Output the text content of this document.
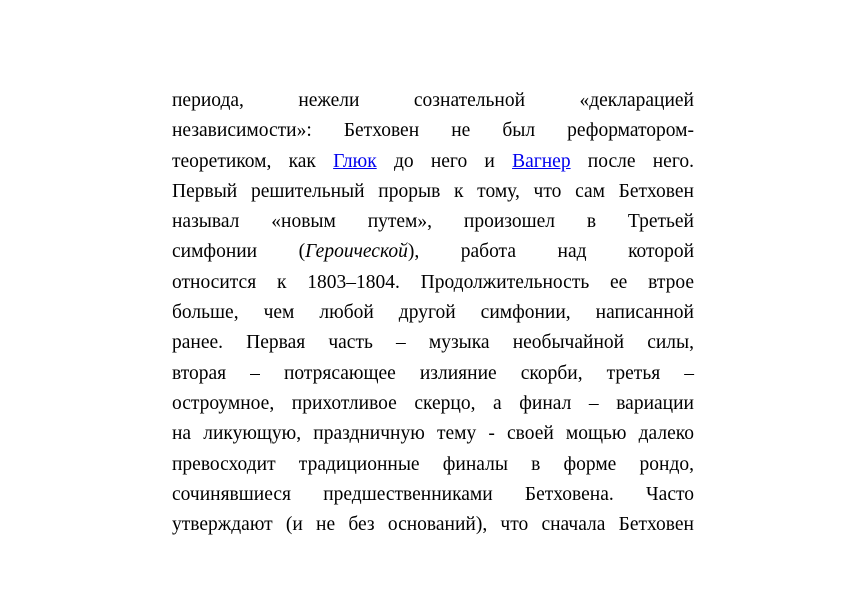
периода, нежели сознательной «декларацией
независимости»: Бетховен не был реформатором-
теоретиком, как Глюк до него и Вагнер после него.
Первый решительный прорыв к тому, что сам Бетховен
называл «новым путем», произошел в Третьей
симфонии (Героической), работа над которой
относится к 1803–1804. Продолжительность ее втрое
больше, чем любой другой симфонии, написанной
ранее. Первая часть – музыка необычайной силы,
вторая – потрясающее излияние скорби, третья –
остроумное, прихотливое скерцо, а финал – вариации
на ликующую, праздничную тему - своей мощью далеко
превосходит традиционные финалы в форме рондо,
сочинявшиеся предшественниками Бетховена. Часто
утверждают (и не без оснований), что сначала Бетховен
